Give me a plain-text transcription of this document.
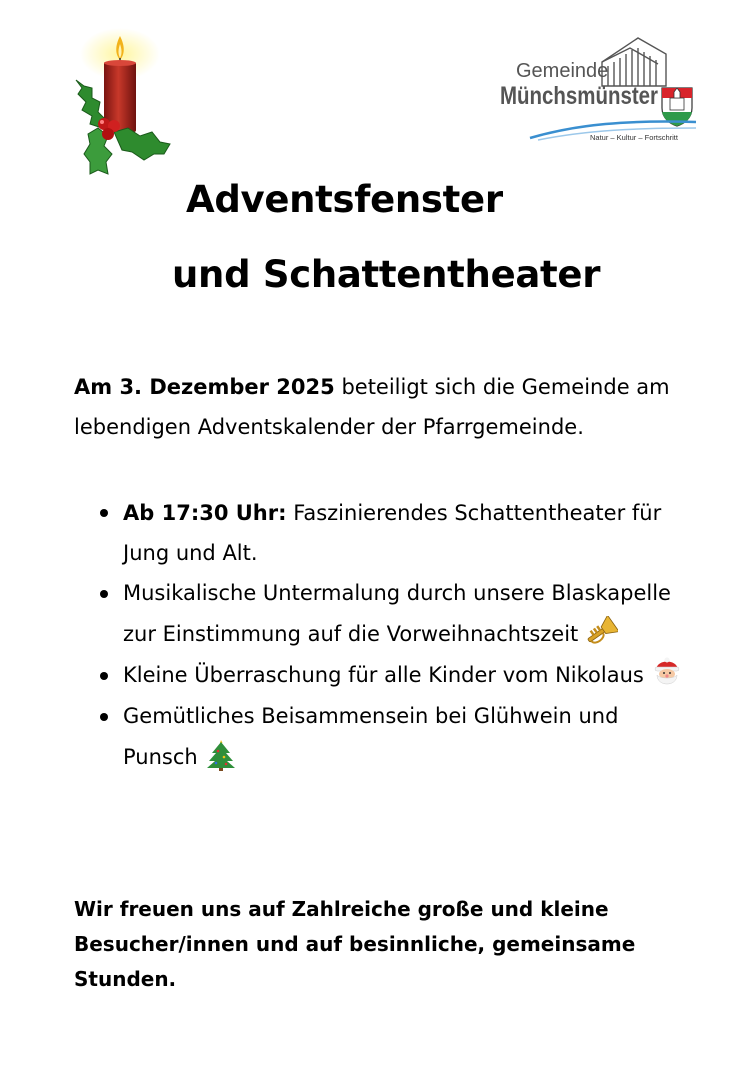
Gemeinde
Münchsmünster
Natur – Kultur – Fortschritt
Adventsfenster
und Schattentheater

Am 3. Dezember 2025 beteiligt sich die Gemeinde am lebendigen Adventskalender der Pfarrgemeinde.

Ab 17:30 Uhr: Faszinierendes Schattentheater für Jung und Alt.
Musikalische Untermalung durch unsere Blaskapelle zur Einstimmung auf die Vorweihnachtszeit
Kleine Überraschung für alle Kinder vom Nikolaus
Gemütliches Beisammensein bei Glühwein und Punsch

Wir freuen uns auf Zahlreiche große und kleine Besucher/innen und auf besinnliche, gemeinsame Stunden.
